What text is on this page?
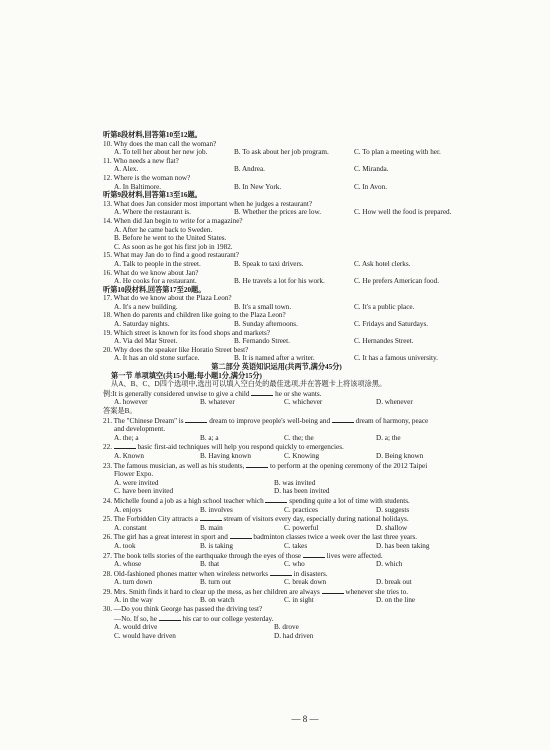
听第8段材料,回答第10至12题。
10. Why does the man call the woman?
A. To tell her about her new job.	B. To ask about her job program.	C. To plan a meeting with her.
11. Who needs a new flat?
A. Alex.	B. Andrea.	C. Miranda.
12. Where is the woman now?
A. In Baltimore.	B. In New York.	C. In Avon.
听第9段材料,回答第13至16题。
13. What does Jan consider most important when he judges a restaurant?
A. Where the restaurant is.	B. Whether the prices are low.	C. How well the food is prepared.
14. When did Jan begin to write for a magazine?
A. After he came back to Sweden.
B. Before he went to the United States.
C. As soon as he got his first job in 1982.
15. What may Jan do to find a good restaurant?
A. Talk to people in the street.	B. Speak to taxi drivers.	C. Ask hotel clerks.
16. What do we know about Jan?
A. He cooks for a restaurant.	B. He travels a lot for his work.	C. He prefers American food.
听第10段材料,回答第17至20题。
17. What do we know about the Plaza Leon?
A. It's a new building.	B. It's a small town.	C. It's a public place.
18. When do parents and children like going to the Plaza Leon?
A. Saturday nights.	B. Sunday afternoons.	C. Fridays and Saturdays.
19. Which street is known for its food shops and markets?
A. Via del Mar Street.	B. Fernando Street.	C. Hernandes Street.
20. Why does the speaker like Horatio Street best?
A. It has an old stone surface.	B. It is named after a writer.	C. It has a famous university.
第二部分 英语知识运用(共两节,满分45分)
第一节 单项填空(共15小题;每小题1分,满分15分)
从A、B、C、D四个选项中,选出可以填入空白处的最佳选项,并在答题卡上将该项涂黑。
例:It is generally considered unwise to give a child	he or she wants.
A. however	B. whatever	C. whichever	D. whenever
答案是B。
21. The "Chinese Dream" is	dream to improve people's well-being and	dream of harmony, peace
and development.
A. the; a	B. a; a	C. the; the	D. a; the
22.	basic first-aid techniques will help you respond quickly to emergencies.
A. Known	B. Having known	C. Knowing	D. Being known
23. The famous musician, as well as his students,	to perform at the opening ceremony of the 2012 Taipei
Flower Expo.
A. were invited	B. was invited
C. have been invited	D. has been invited
24. Michelle found a job as a high school teacher which	spending quite a lot of time with students.
A. enjoys	B. involves	C. practices	D. suggests
25. The Forbidden City attracts a	stream of visitors every day, especially during national holidays.
A. constant	B. main	C. powerful	D. shallow
26. The girl has a great interest in sport and	badminton classes twice a week over the last three years.
A. took	B. is taking	C. takes	D. has been taking
27. The book tells stories of the earthquake through the eyes of those	lives were affected.
A. whose	B. that	C. who	D. which
28. Old-fashioned phones matter when wireless networks	in disasters.
A. turn down	B. turn out	C. break down	D. break out
29. Mrs. Smith finds it hard to clear up the mess, as her children are always	whenever she tries to.
A. in the way	B. on watch	C. in sight	D. on the line
30. —Do you think George has passed the driving test?
—No. If so, he	his car to our college yesterday.
A. would drive	B. drove
C. would have driven	D. had driven
— 8 —
